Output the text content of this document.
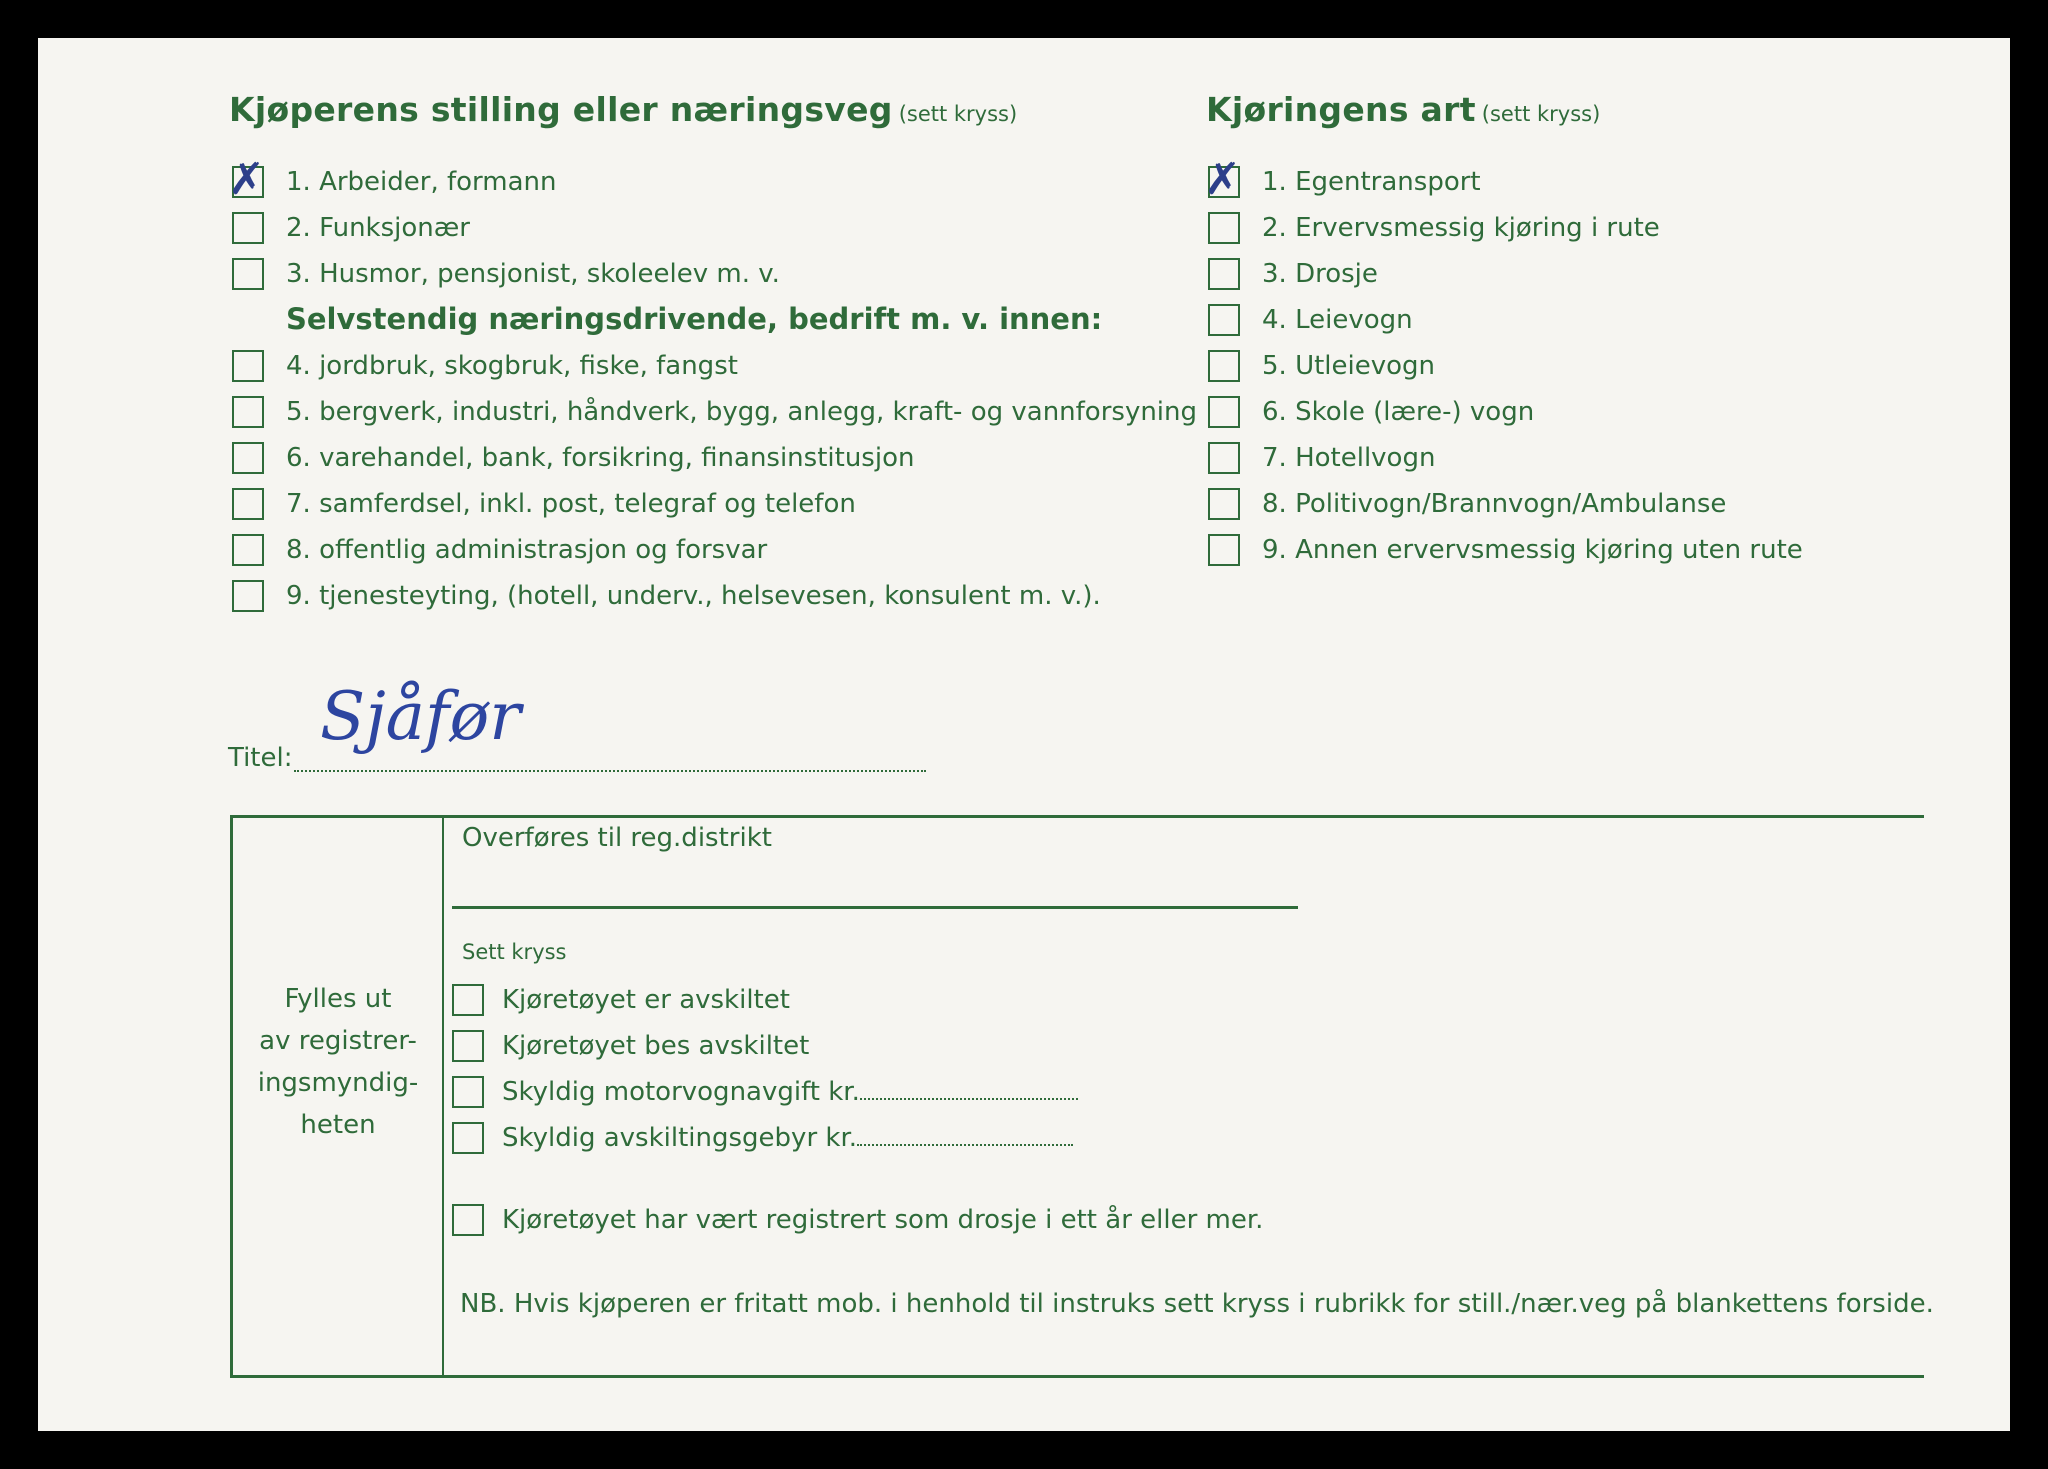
Kjøperens stilling eller næringsveg (sett kryss)
✗ 1. Arbeider, formann
2. Funksjonær
3. Husmor, pensjonist, skoleelev m. v.
Selvstendig næringsdrivende, bedrift m. v. innen:
4. jordbruk, skogbruk, fiske, fangst
5. bergverk, industri, håndverk, bygg, anlegg, kraft- og vannforsyning
6. varehandel, bank, forsikring, finansinstitusjon
7. samferdsel, inkl. post, telegraf og telefon
8. offentlig administrasjon og forsvar
9. tjenesteyting, (hotell, underv., helsevesen, konsulent m. v.).
Kjøringens art (sett kryss)
✗ 1. Egentransport
2. Ervervsmessig kjøring i rute
3. Drosje
4. Leievogn
5. Utleievogn
6. Skole (lære-) vogn
7. Hotellvogn
8. Politivogn/Brannvogn/Ambulanse
9. Annen ervervsmessig kjøring uten rute
Titel:
Sjåfør
Fylles ut
av registrer-
ingsmyndig-
heten
Overføres til reg.distrikt
Sett kryss
Kjøretøyet er avskiltet
Kjøretøyet bes avskiltet
Skyldig motorvognavgift kr.
Skyldig avskiltingsgebyr kr.
Kjøretøyet har vært registrert som drosje i ett år eller mer.
NB. Hvis kjøperen er fritatt mob. i henhold til instruks sett kryss i rubrikk for still./nær.veg på blankettens forside.
